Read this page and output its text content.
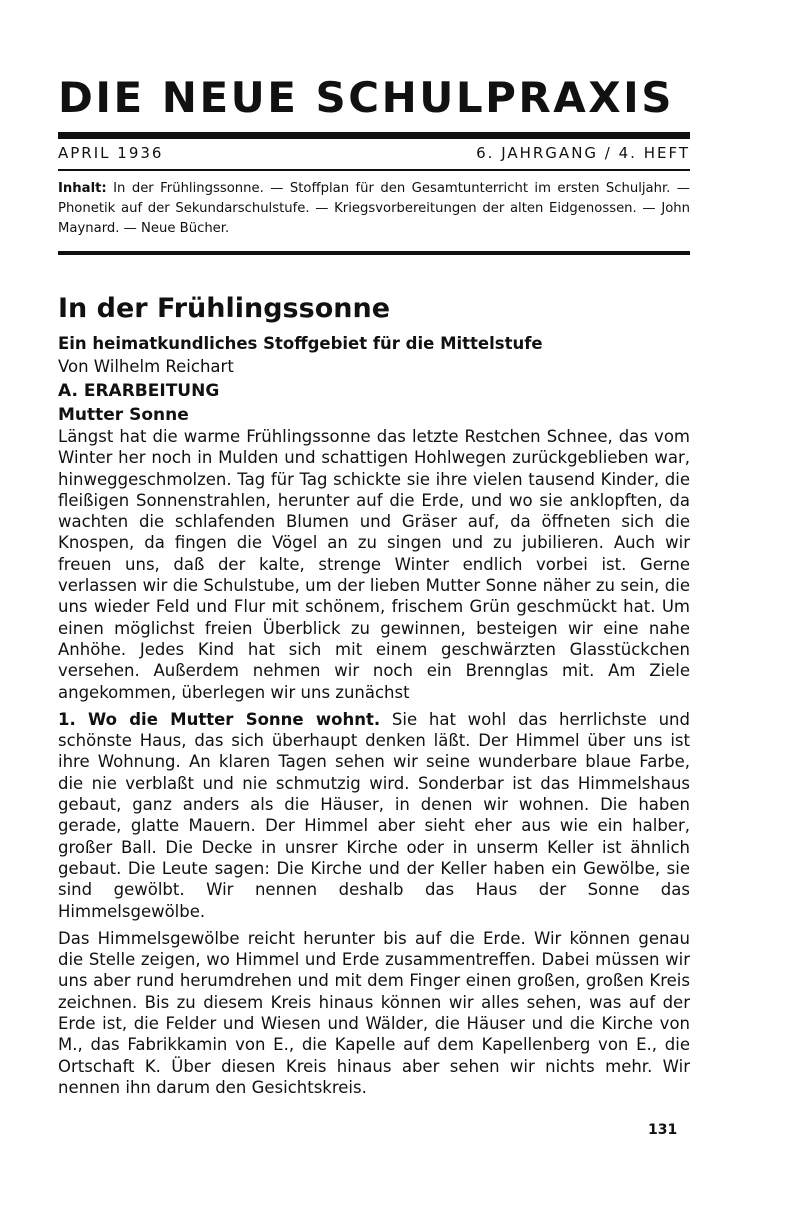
DIE NEUE SCHULPRAXIS
APRIL 1936	6. JAHRGANG / 4. HEFT
Inhalt: In der Frühlingssonne. — Stoffplan für den Gesamtunterricht im ersten Schuljahr. — Phonetik auf der Sekundarschulstufe. — Kriegsvorbereitungen der alten Eidgenossen. — John Maynard. — Neue Bücher.
In der Frühlingssonne
Ein heimatkundliches Stoffgebiet für die Mittelstufe
Von Wilhelm Reichart
A. ERARBEITUNG
Mutter Sonne

Längst hat die warme Frühlingssonne das letzte Restchen Schnee, das vom Winter her noch in Mulden und schattigen Hohlwegen zurückgeblieben war, hinweggeschmolzen. Tag für Tag schickte sie ihre vielen tausend Kinder, die fleißigen Sonnenstrahlen, herunter auf die Erde, und wo sie anklopften, da wachten die schlafenden Blumen und Gräser auf, da öffneten sich die Knospen, da fingen die Vögel an zu singen und zu jubilieren. Auch wir freuen uns, daß der kalte, strenge Winter endlich vorbei ist. Gerne verlassen wir die Schulstube, um der lieben Mutter Sonne näher zu sein, die uns wieder Feld und Flur mit schönem, frischem Grün geschmückt hat. Um einen möglichst freien Überblick zu gewinnen, besteigen wir eine nahe Anhöhe. Jedes Kind hat sich mit einem geschwärzten Glasstückchen versehen. Außerdem nehmen wir noch ein Brennglas mit. Am Ziele angekommen, überlegen wir uns zunächst

1. Wo die Mutter Sonne wohnt. Sie hat wohl das herrlichste und schönste Haus, das sich überhaupt denken läßt. Der Himmel über uns ist ihre Wohnung. An klaren Tagen sehen wir seine wunderbare blaue Farbe, die nie verblaßt und nie schmutzig wird. Sonderbar ist das Himmelshaus gebaut, ganz anders als die Häuser, in denen wir wohnen. Die haben gerade, glatte Mauern. Der Himmel aber sieht eher aus wie ein halber, großer Ball. Die Decke in unsrer Kirche oder in unserm Keller ist ähnlich gebaut. Die Leute sagen: Die Kirche und der Keller haben ein Gewölbe, sie sind gewölbt. Wir nennen deshalb das Haus der Sonne das Himmelsgewölbe.

Das Himmelsgewölbe reicht herunter bis auf die Erde. Wir können genau die Stelle zeigen, wo Himmel und Erde zusammentreffen. Dabei müssen wir uns aber rund herumdrehen und mit dem Finger einen großen, großen Kreis zeichnen. Bis zu diesem Kreis hinaus können wir alles sehen, was auf der Erde ist, die Felder und Wiesen und Wälder, die Häuser und die Kirche von M., das Fabrikkamin von E., die Kapelle auf dem Kapellenberg von E., die Ortschaft K. Über diesen Kreis hinaus aber sehen wir nichts mehr. Wir nennen ihn darum den Gesichtskreis.

131
